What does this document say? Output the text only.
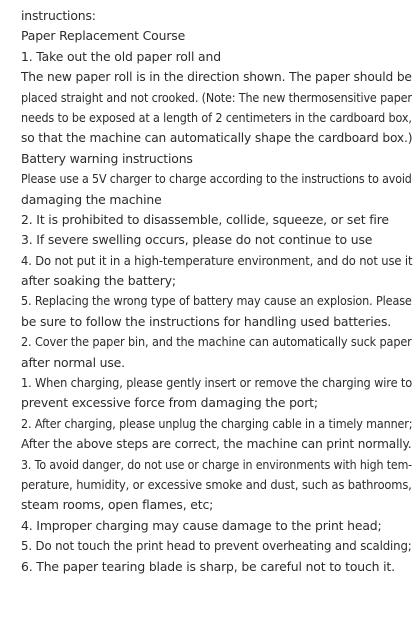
instructions:
Paper Replacement Course
1. Take out the old paper roll and
The new paper roll is in the direction shown. The paper should be
placed straight and not crooked. (Note: The new thermosensitive paper
needs to be exposed at a length of 2 centimeters in the cardboard box,
so that the machine can automatically shape the cardboard box.)
Battery warning instructions
Please use a 5V charger to charge according to the instructions to avoid
damaging the machine
2. It is prohibited to disassemble, collide, squeeze, or set fire
3. If severe swelling occurs, please do not continue to use
4. Do not put it in a high-temperature environment, and do not use it
after soaking the battery;
5. Replacing the wrong type of battery may cause an explosion. Please
be sure to follow the instructions for handling used batteries.
2. Cover the paper bin, and the machine can automatically suck paper
after normal use.
1. When charging, please gently insert or remove the charging wire to
prevent excessive force from damaging the port;
2. After charging, please unplug the charging cable in a timely manner;
After the above steps are correct, the machine can print normally.
3. To avoid danger, do not use or charge in environments with high tem-
perature, humidity, or excessive smoke and dust, such as bathrooms,
steam rooms, open flames, etc;
4. Improper charging may cause damage to the print head;
5. Do not touch the print head to prevent overheating and scalding;
6. The paper tearing blade is sharp, be careful not to touch it.
